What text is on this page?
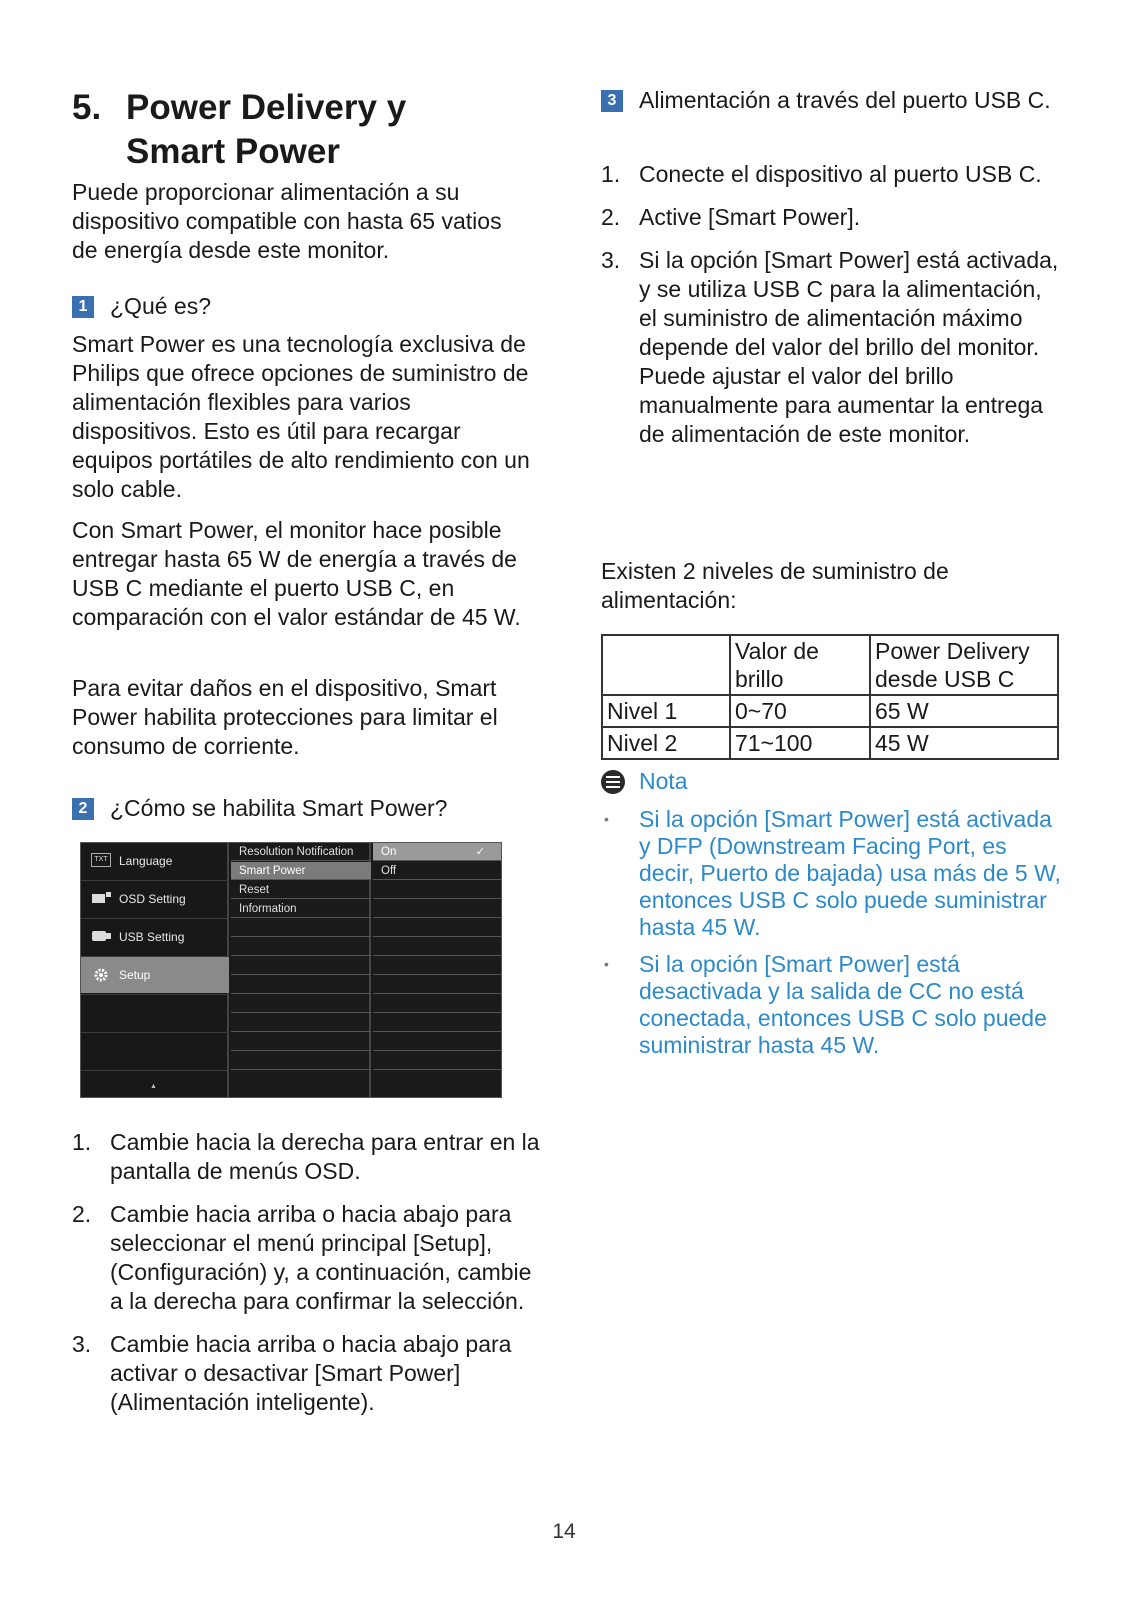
5. Power Delivery y
Smart Power

Puede proporcionar alimentación a su dispositivo compatible con hasta 65 vatios de energía desde este monitor.

1 ¿Qué es?

Smart Power es una tecnología exclusiva de Philips que ofrece opciones de suministro de alimentación flexibles para varios dispositivos. Esto es útil para recargar equipos portátiles de alto rendimiento con un solo cable.

Con Smart Power, el monitor hace posible entregar hasta 65 W de energía a través de USB C mediante el puerto USB C, en comparación con el valor estándar de 45 W.

Para evitar daños en el dispositivo, Smart Power habilita protecciones para limitar el consumo de corriente.

2 ¿Cómo se habilita Smart Power?
TXT Language
OSD Setting
USB Setting
Setup
▲
Resolution Notification
Smart Power
Reset
Information
On	✓
Off
1. Cambie hacia la derecha para entrar en la pantalla de menús OSD.
2. Cambie hacia arriba o hacia abajo para seleccionar el menú principal [Setup], (Configuración) y, a continuación, cambie a la derecha para confirmar la selección.
3. Cambie hacia arriba o hacia abajo para activar o desactivar [Smart Power] (Alimentación inteligente).
3 Alimentación a través del puerto USB C.
1. Conecte el dispositivo al puerto USB C.
2. Active [Smart Power].
3. Si la opción [Smart Power] está activada, y se utiliza USB C para la alimentación, el suministro de alimentación máximo depende del valor del brillo del monitor. Puede ajustar el valor del brillo manualmente para aumentar la entrega de alimentación de este monitor.

Existen 2 niveles de suministro de alimentación:

	Valor de brillo	Power Delivery desde USB C
Nivel 1	0~70	65 W
Nivel 2	71~100	45 W
Nota
• Si la opción [Smart Power] está activada y DFP (Downstream Facing Port, es decir, Puerto de bajada) usa más de 5 W, entonces USB C solo puede suministrar hasta 45 W.
• Si la opción [Smart Power] está desactivada y la salida de CC no está conectada, entonces USB C solo puede suministrar hasta 45 W.
14
